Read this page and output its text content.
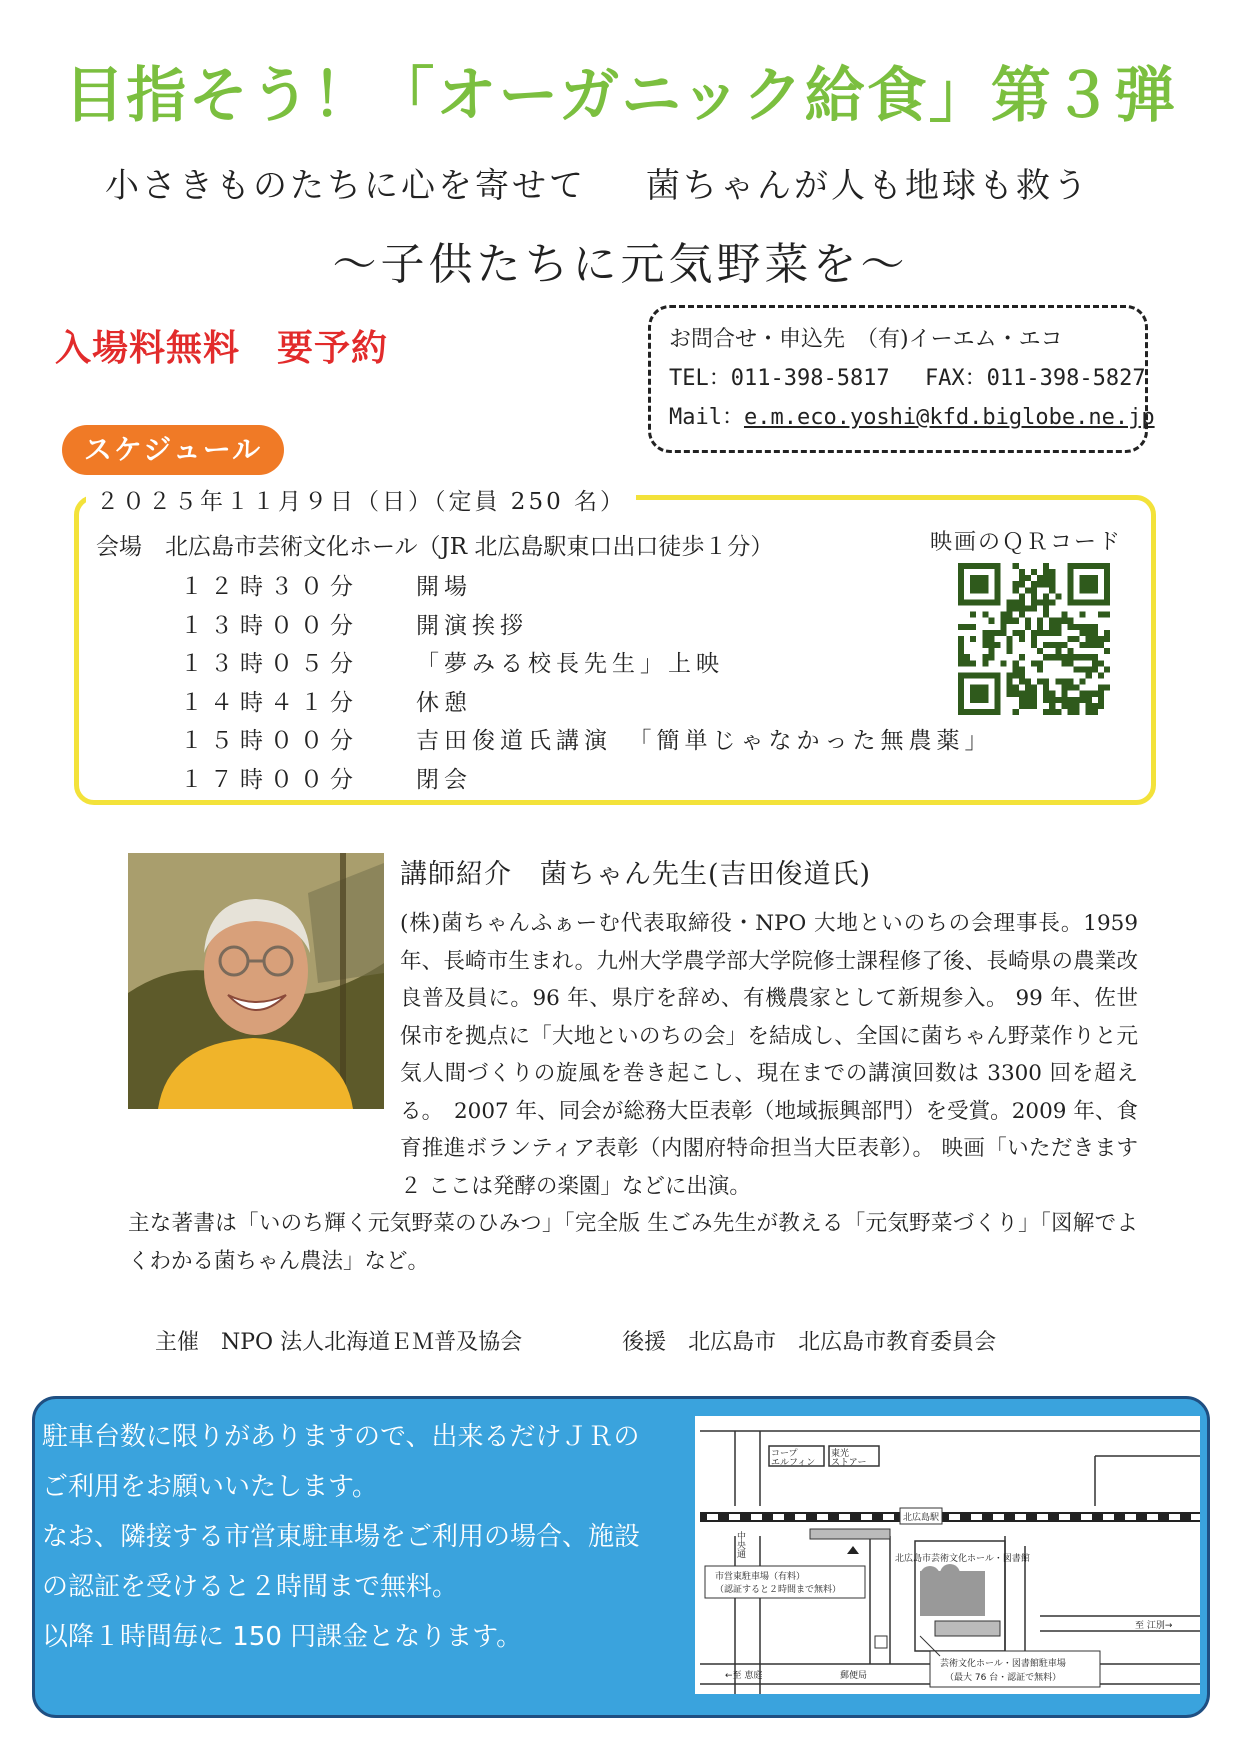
目指そう！「オーガニック給食」第３弾
小さきものたちに心を寄せて 菌ちゃんが人も地球も救う
～子供たちに元気野菜を～
入場料無料　要予約	お問合せ・申込先　（有)イーエム・エコ
TEL：011-398-5817　 FAX：011-398-5827
Mail：e.m.eco.yoshi@kfd.biglobe.ne.jp
スケジュール
２０２５年１１月９日（日）（定員 250 名）
会場　北広島市芸術文化ホール（JR 北広島駅東口出口徒歩１分）
１２時３０分	開場
１３時００分	開演挨拶
１３時０５分	「夢みる校長先生」上映
１４時４１分	休憩
１５時００分	吉田俊道氏講演　「簡単じゃなかった無農薬」
１７時００分	閉会
映画のＱＲコード
講師紹介　菌ちゃん先生(吉田俊道氏)
(株)菌ちゃんふぁーむ代表取締役・NPO 大地といのちの会理事長。1959 年、長崎市生まれ。九州大学農学部大学院修士課程修了後、長崎県の農業改良普及員に。96 年、県庁を辞め、有機農家として新規参入。 99 年、佐世保市を拠点に「大地といのちの会」を結成し、全国に菌ちゃん野菜作りと元気人間づくりの旋風を巻き起こし、現在までの講演回数は 3300 回を超える。　2007 年、同会が総務大臣表彰（地域振興部門）を受賞。2009 年、食育推進ボランティア表彰（内閣府特命担当大臣表彰）。 映画「いただきます２ ここは発酵の楽園」などに出演。
主な著書は「いのち輝く元気野菜のひみつ」「完全版 生ごみ先生が教える「元気野菜づくり」「図解でよくわかる菌ちゃん農法」など。
主催　NPO 法人北海道ＥＭ普及協会	後援　北広島市　北広島市教育委員会
駐車台数に限りがありますので、出来るだけＪＲの
ご利用をお願いいたします。
なお、隣接する市営東駐車場をご利用の場合、施設
の認証を受けると２時間まで無料。
以降１時間毎に 150 円課金となります。
コープ
エルフィン
東光
ストアー
北広島駅
中央通
北広島市芸術文化ホール・図書館
市営東駐車場（有料）
（認証すると２時間まで無料）
至 江別→
←至 恵庭	郵便局
芸術文化ホール・図書館駐車場
（最大 76 台・認証で無料）
